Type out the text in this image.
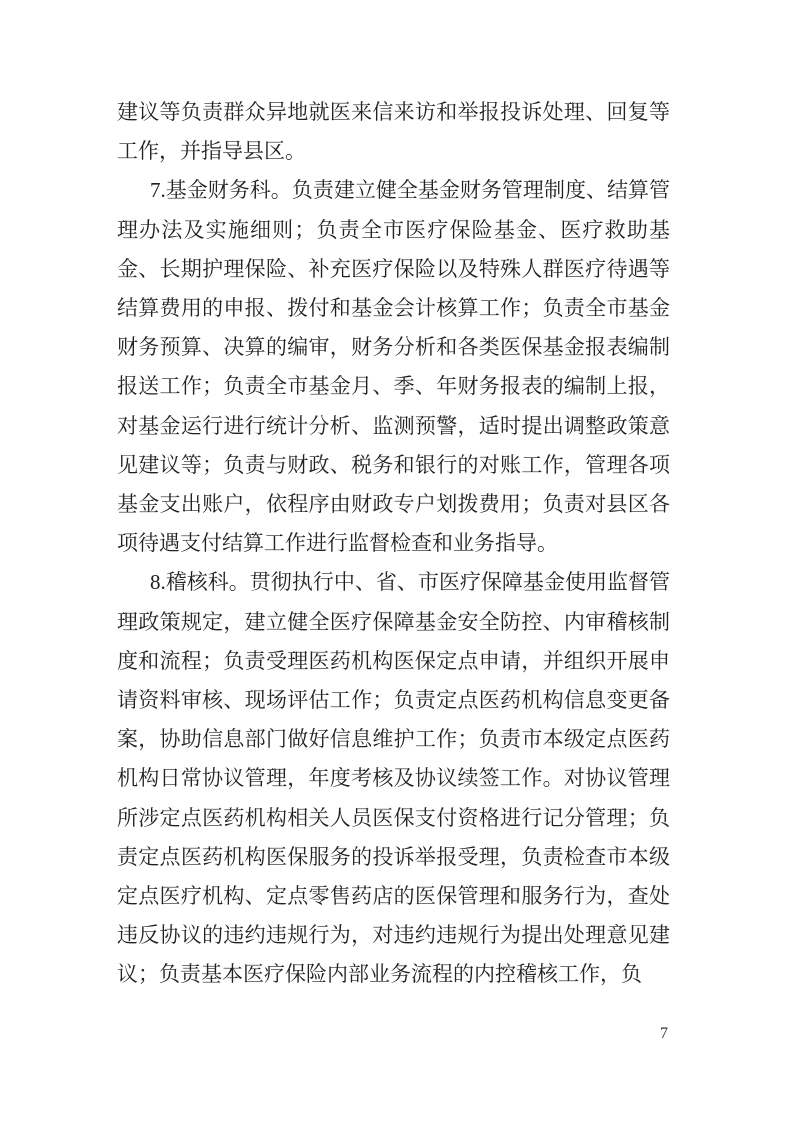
建议等负责群众异地就医来信来访和举报投诉处理、回复等工作，并指导县区。

7.基金财务科。负责建立健全基金财务管理制度、结算管理办法及实施细则；负责全市医疗保险基金、医疗救助基金、长期护理保险、补充医疗保险以及特殊人群医疗待遇等结算费用的申报、拨付和基金会计核算工作；负责全市基金财务预算、决算的编审，财务分析和各类医保基金报表编制报送工作；负责全市基金月、季、年财务报表的编制上报，对基金运行进行统计分析、监测预警，适时提出调整政策意见建议等；负责与财政、税务和银行的对账工作，管理各项基金支出账户，依程序由财政专户划拨费用；负责对县区各项待遇支付结算工作进行监督检查和业务指导。

8.稽核科。贯彻执行中、省、市医疗保障基金使用监督管理政策规定，建立健全医疗保障基金安全防控、内审稽核制度和流程；负责受理医药机构医保定点申请，并组织开展申请资料审核、现场评估工作；负责定点医药机构信息变更备案，协助信息部门做好信息维护工作；负责市本级定点医药机构日常协议管理，年度考核及协议续签工作。对协议管理所涉定点医药机构相关人员医保支付资格进行记分管理；负责定点医药机构医保服务的投诉举报受理，负责检查市本级定点医疗机构、定点零售药店的医保管理和服务行为，查处违反协议的违约违规行为，对违约违规行为提出处理意见建议；负责基本医疗保险内部业务流程的内控稽核工作，负

7
